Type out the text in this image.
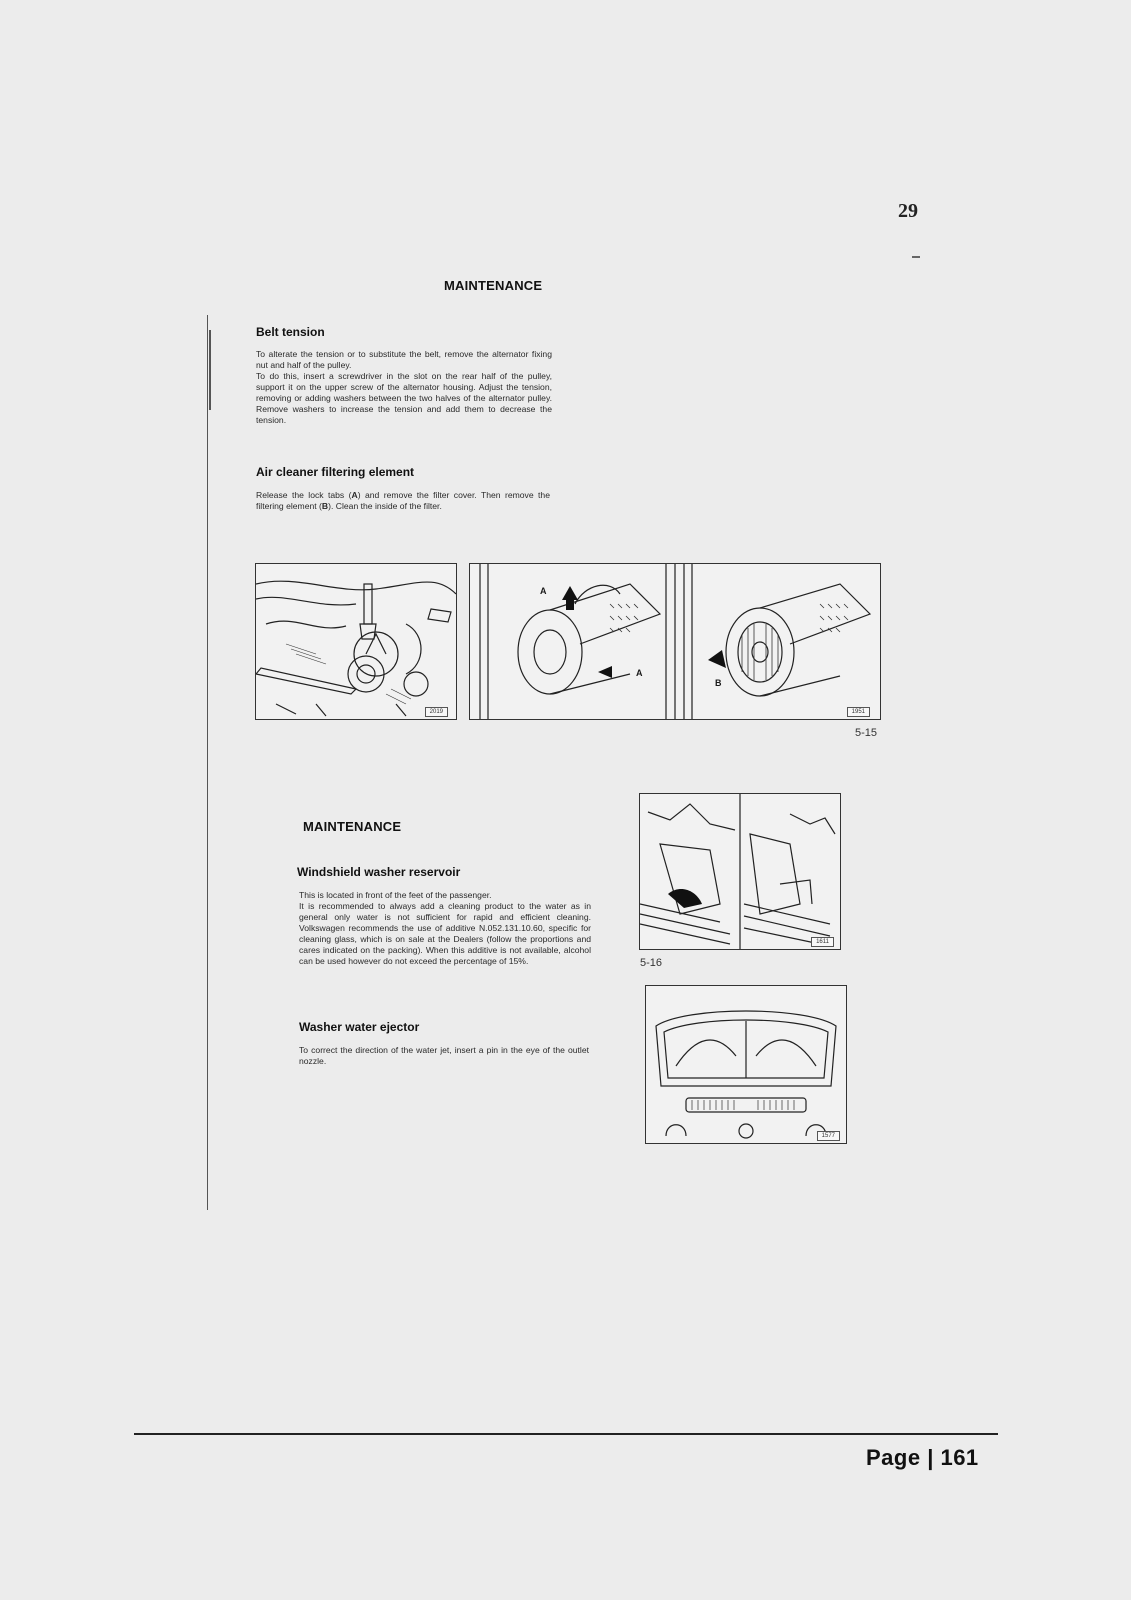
29
MAINTENANCE
Belt tension

To alterate the tension or to substitute the belt, remove the alternator fixing nut and half of the pulley.

To do this, insert a screwdriver in the slot on the rear half of the pulley, support it on the upper screw of the alternator housing. Adjust the tension, removing or adding washers between the two halves of the alternator pulley. Remove washers to increase the tension and add them to decrease the tension.

Air cleaner filtering element
Release the lock tabs (A) and remove the filter cover. Then remove the filtering element (B). Clean the inside of the filter.
2019
A
A
B
1951
5-15
MAINTENANCE
Windshield washer reservoir

This is located in front of the feet of the passenger.

It is recommended to always add a cleaning product to the water as in general only water is not sufficient for rapid and efficient cleaning. Volkswagen recommends the use of additive N.052.131.10.60, specific for cleaning glass, which is on sale at the Dealers (follow the proportions and cares indicated on the packing). When this additive is not available, alcohol can be used however do not exceed the percentage of 15%.

Washer water ejector

To correct the direction of the water jet, insert a pin in the eye of the outlet nozzle.

1611
5-16
1577
Page | 161
